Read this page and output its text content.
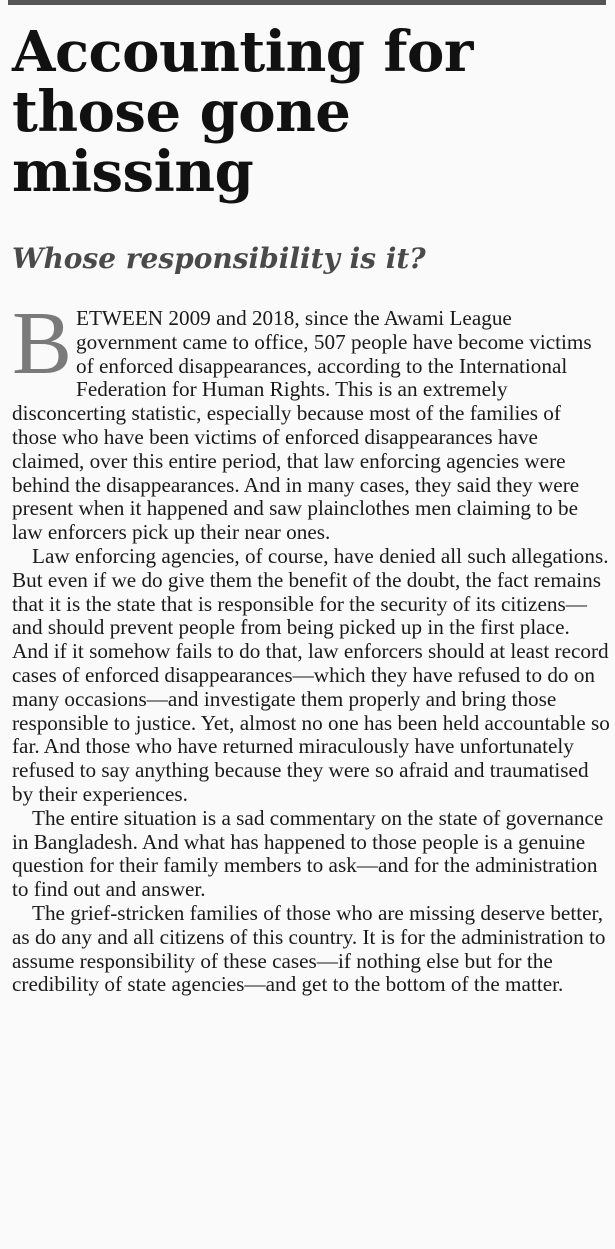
Accounting for those gone missing
Whose responsibility is it?

BETWEEN 2009 and 2018, since the Awami League government came to office, 507 people have become victims of enforced disappearances, according to the International Federation for Human Rights. This is an extremely disconcerting statistic, especially because most of the families of those who have been victims of enforced disappearances have claimed, over this entire period, that law enforcing agencies were behind the disappearances. And in many cases, they said they were present when it happened and saw plainclothes men claiming to be law enforcers pick up their near ones.

Law enforcing agencies, of course, have denied all such allegations. But even if we do give them the benefit of the doubt, the fact remains that it is the state that is responsible for the security of its citizens—and should prevent people from being picked up in the first place. And if it somehow fails to do that, law enforcers should at least record cases of enforced disappearances—which they have refused to do on many occasions—and investigate them properly and bring those responsible to justice. Yet, almost no one has been held accountable so far. And those who have returned miraculously have unfortunately refused to say anything because they were so afraid and traumatised by their experiences.

The entire situation is a sad commentary on the state of governance in Bangladesh. And what has happened to those people is a genuine question for their family members to ask—and for the administration to find out and answer.

The grief-stricken families of those who are missing deserve better, as do any and all citizens of this country. It is for the administration to assume responsibility of these cases—if nothing else but for the credibility of state agencies—and get to the bottom of the matter.
